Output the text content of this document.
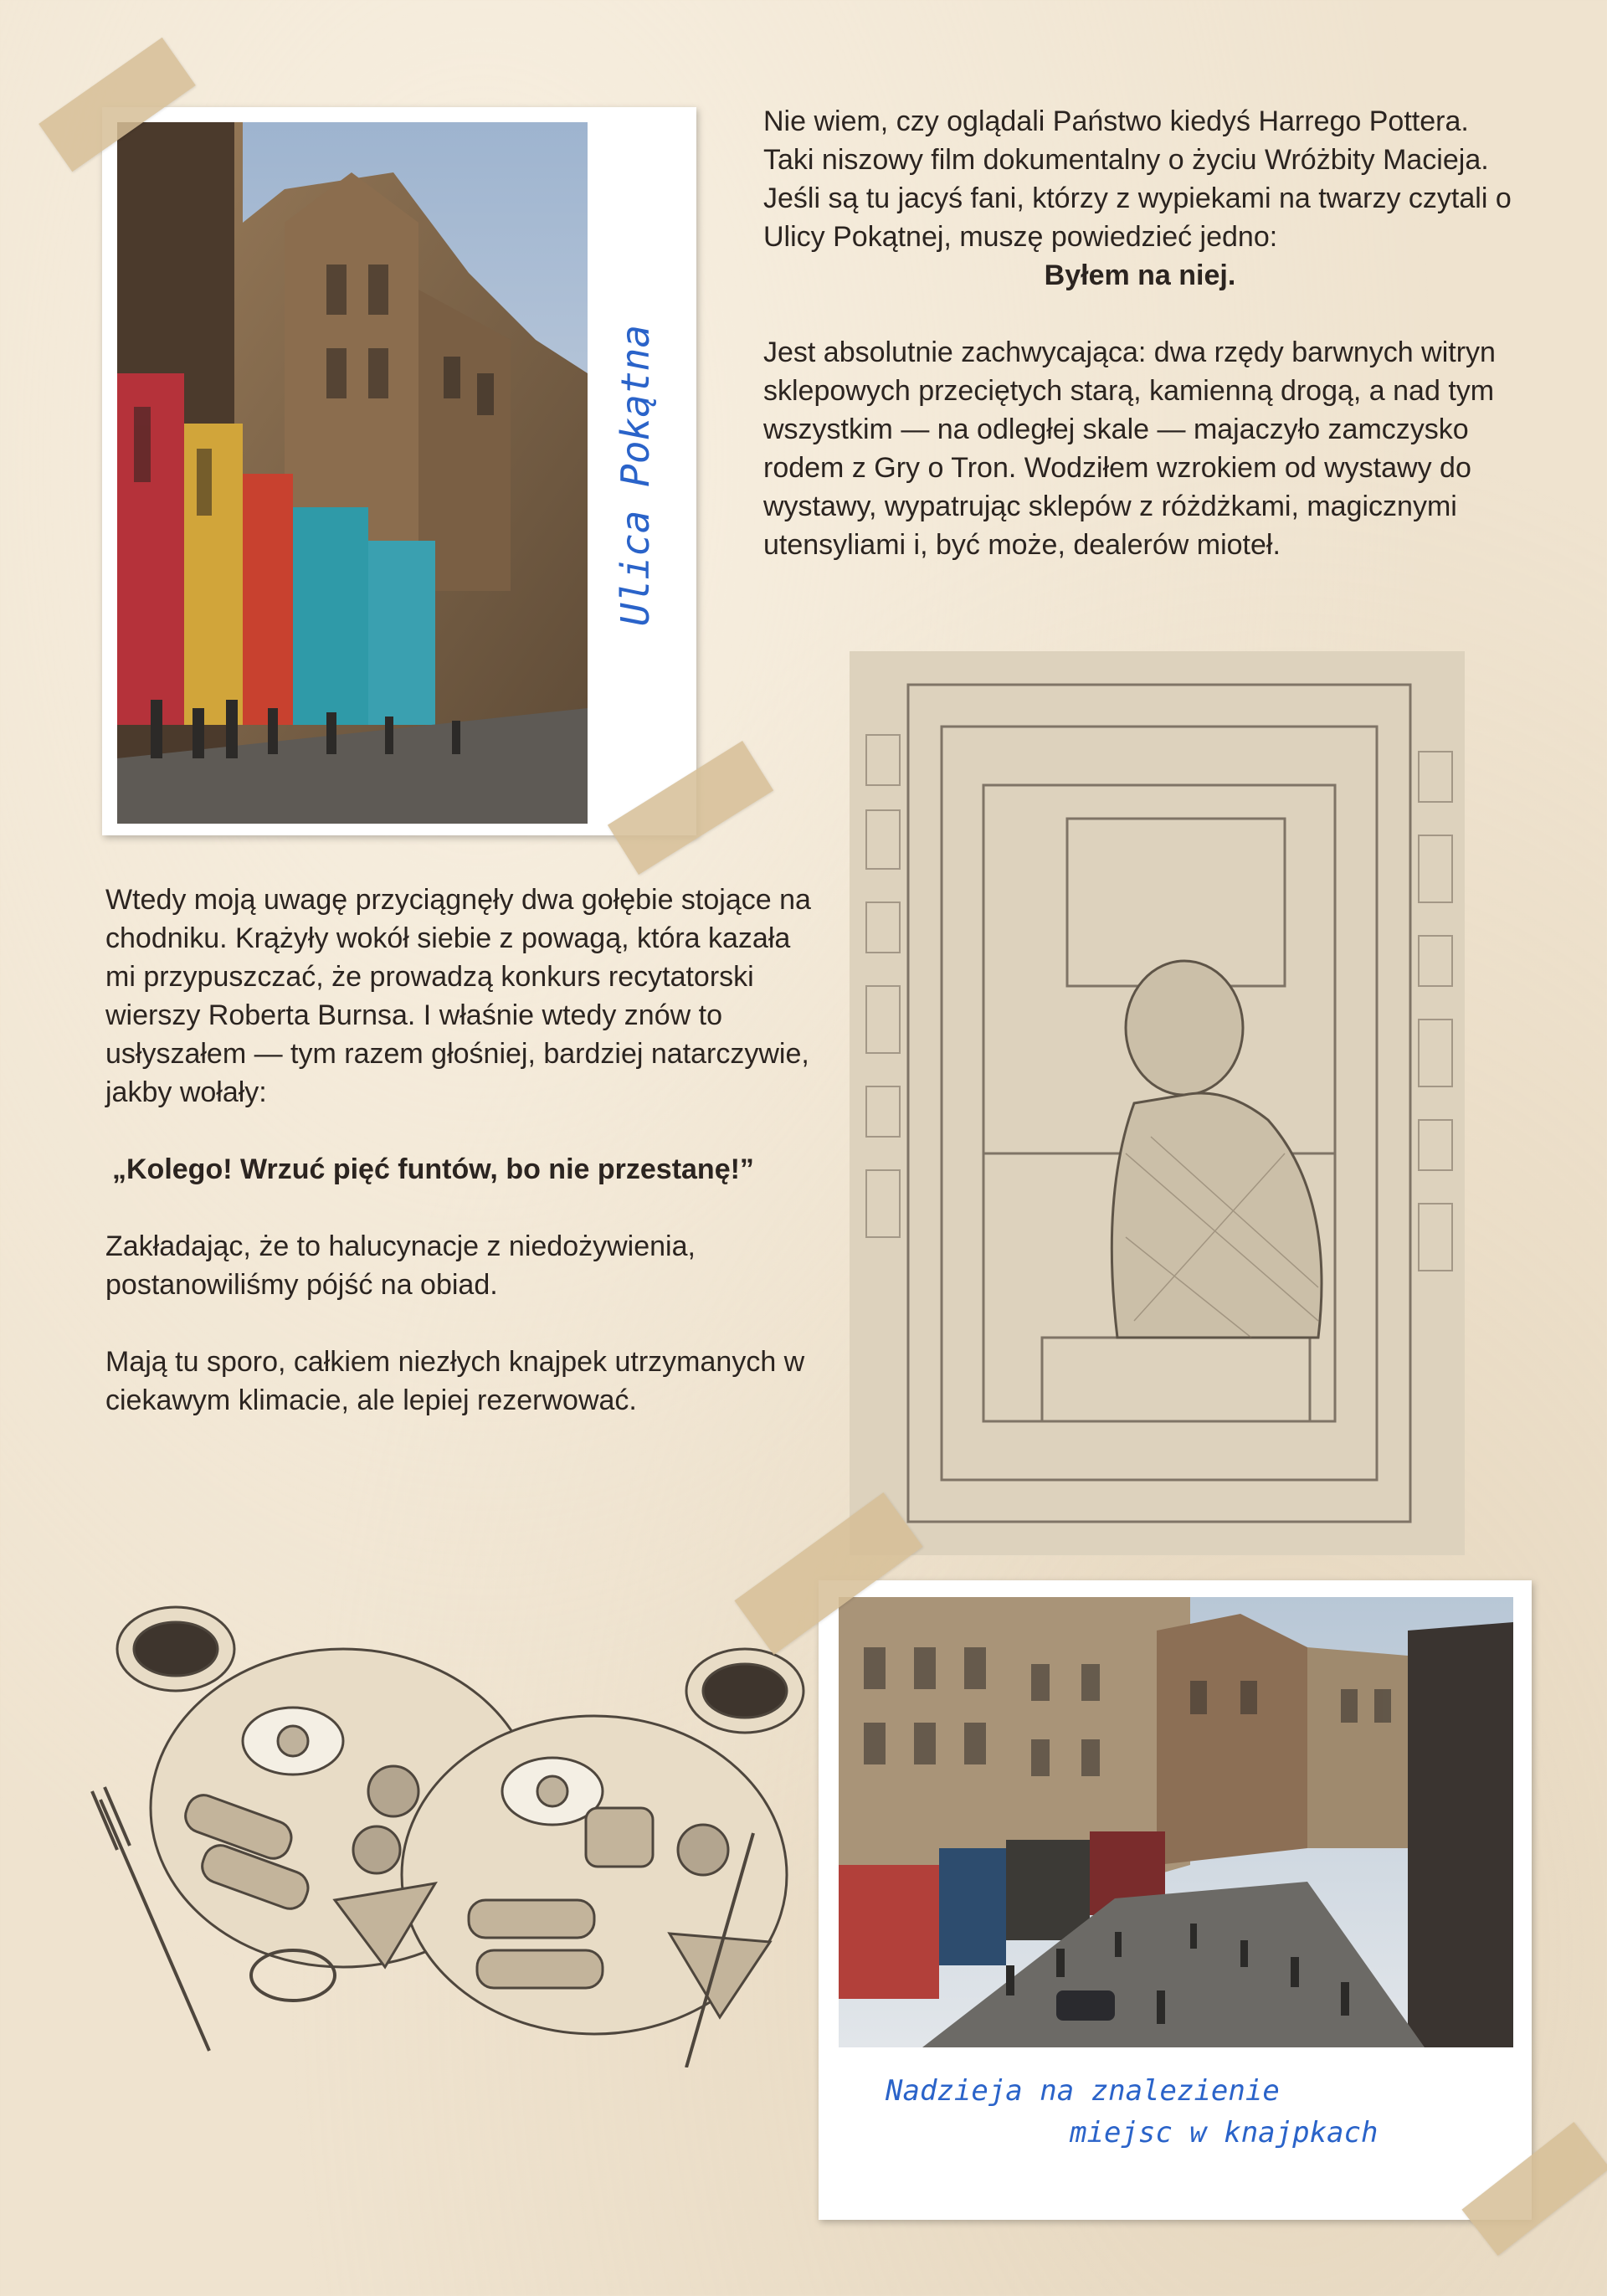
Ulica Pokątna

Nie wiem, czy oglądali Państwo kiedyś Harrego Pottera. Taki niszowy film dokumentalny o życiu Wróżbity Macieja. Jeśli są tu jacyś fani, którzy z wypiekami na twarzy czytali o Ulicy Pokątnej, muszę powiedzieć jedno:

Byłem na niej.

Jest absolutnie zachwycająca: dwa rzędy barwnych witryn sklepowych przeciętych starą, kamienną drogą, a nad tym wszystkim — na odległej skale — majaczyło zamczysko rodem z Gry o Tron. Wodziłem wzrokiem od wystawy do wystawy, wypatrując sklepów z różdżkami, magicznymi utensyliami i, być może, dealerów mioteł.

Wtedy moją uwagę przyciągnęły dwa gołębie stojące na chodniku. Krążyły wokół siebie z powagą, która kazała mi przypuszczać, że prowadzą konkurs recytatorski wierszy Roberta Burnsa. I właśnie wtedy znów to usłyszałem — tym razem głośniej, bardziej natarczywie, jakby wołały:

„Kolego! Wrzuć pięć funtów, bo nie przestanę!”

Zakładając, że to halucynacje z niedożywienia, postanowiliśmy pójść na obiad.

Mają tu sporo, całkiem niezłych knajpek utrzymanych w ciekawym klimacie, ale lepiej rezerwować.

Nadzieja na znalezienie
miejsc w knajpkach
